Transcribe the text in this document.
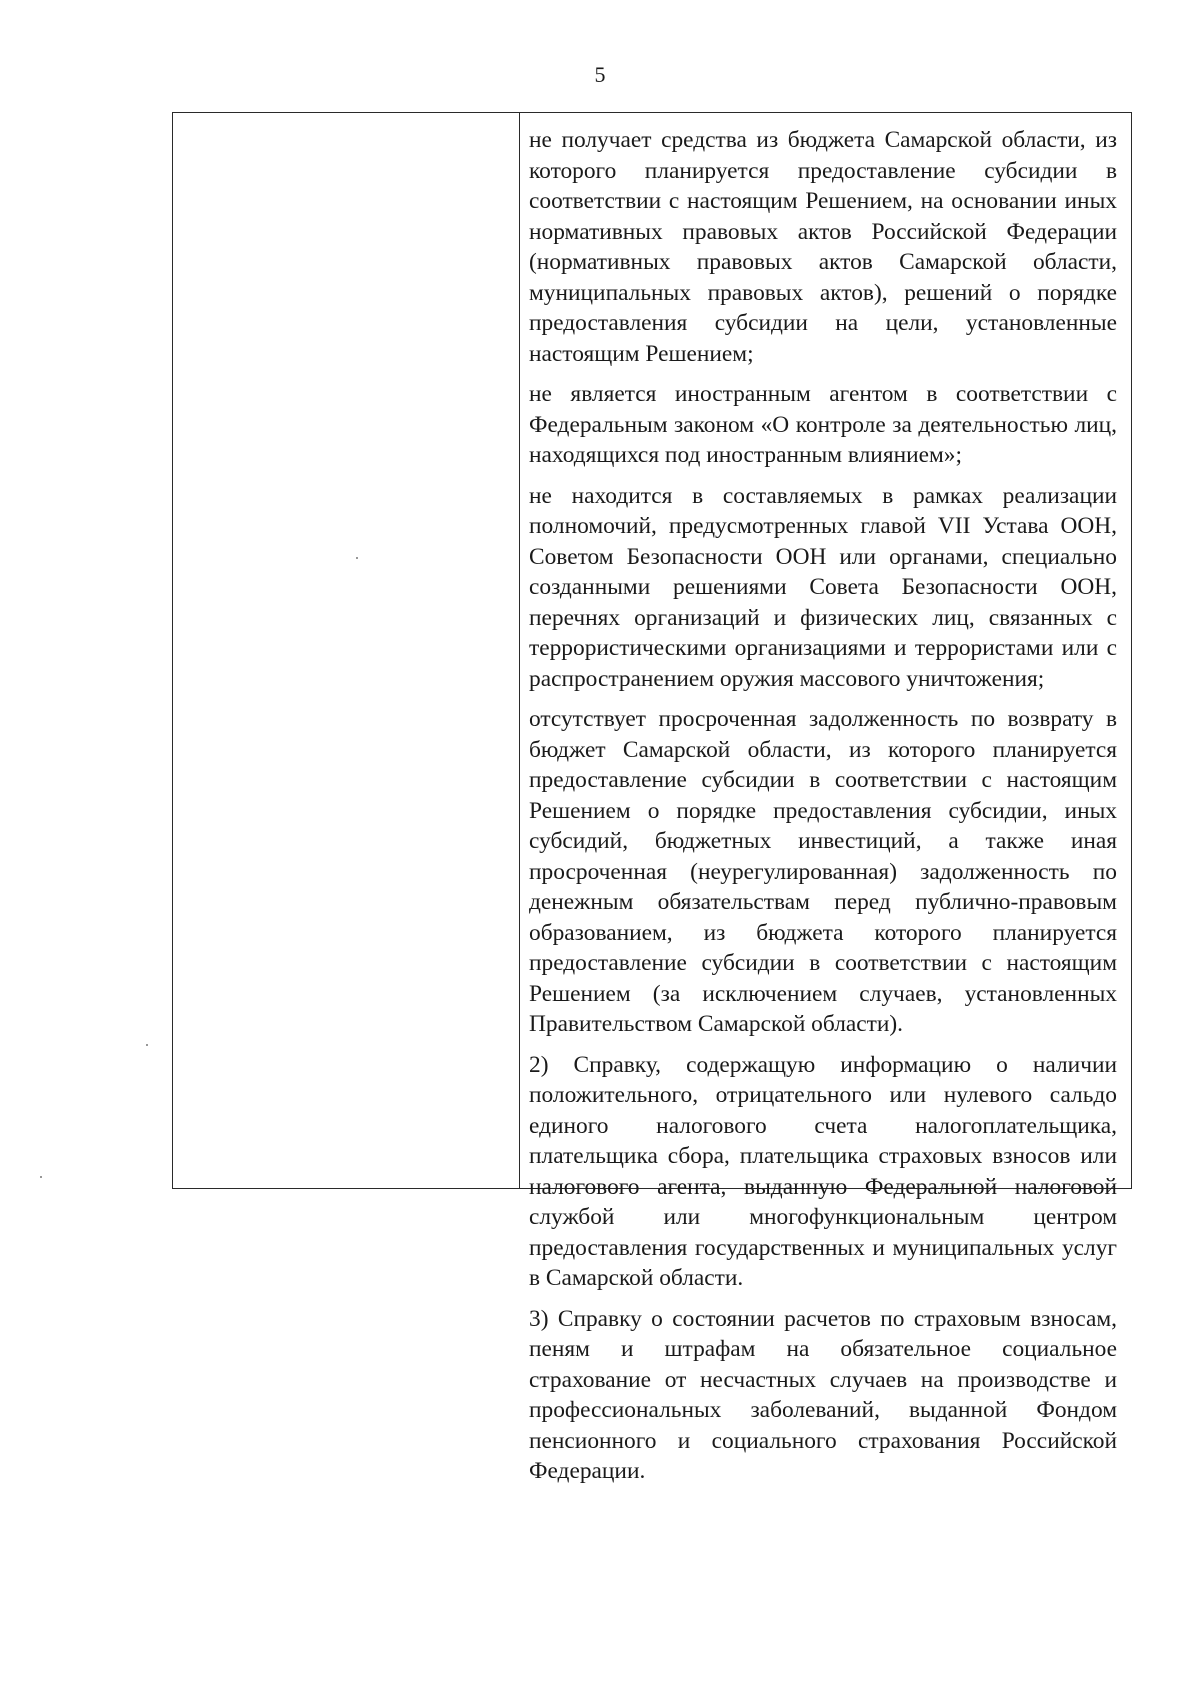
5

не получает средства из бюджета Самарской области, из которого планируется предоставление субсидии в соответствии с настоящим Решением, на основании иных нормативных правовых актов Российской Федерации (нормативных правовых актов Самарской области, муниципальных правовых актов), решений о порядке предоставления субсидии на цели, установленные настоящим Решением;

не является иностранным агентом в соответствии с Федеральным законом «О контроле за деятельностью лиц, находящихся под иностранным влиянием»;

не находится в составляемых в рамках реализации полномочий, предусмотренных главой VII Устава ООН, Советом Безопасности ООН или органами, специально созданными решениями Совета Безопасности ООН, перечнях организаций и физических лиц, связанных с террористическими организациями и террористами или с распространением оружия массового уничтожения;

отсутствует просроченная задолженность по возврату в бюджет Самарской области, из которого планируется предоставление субсидии в соответствии с настоящим Решением о порядке предоставления субсидии, иных субсидий, бюджетных инвестиций, а также иная просроченная (неурегулированная) задолженность по денежным обязательствам перед публично-правовым образованием, из бюджета которого планируется предоставление субсидии в соответствии с настоящим Решением (за исключением случаев, установленных Правительством Самарской области).

2) Справку, содержащую информацию о наличии положительного, отрицательного или нулевого сальдо единого налогового счета налогоплательщика, плательщика сбора, плательщика страховых взносов или налогового агента, выданную Федеральной налоговой службой или многофункциональным центром предоставления государственных и муниципальных услуг в Самарской области.

3) Справку о состоянии расчетов по страховым взносам, пеням и штрафам на обязательное социальное страхование от несчастных случаев на производстве и профессиональных заболеваний, выданной Фондом пенсионного и социального страхования Российской Федерации.
